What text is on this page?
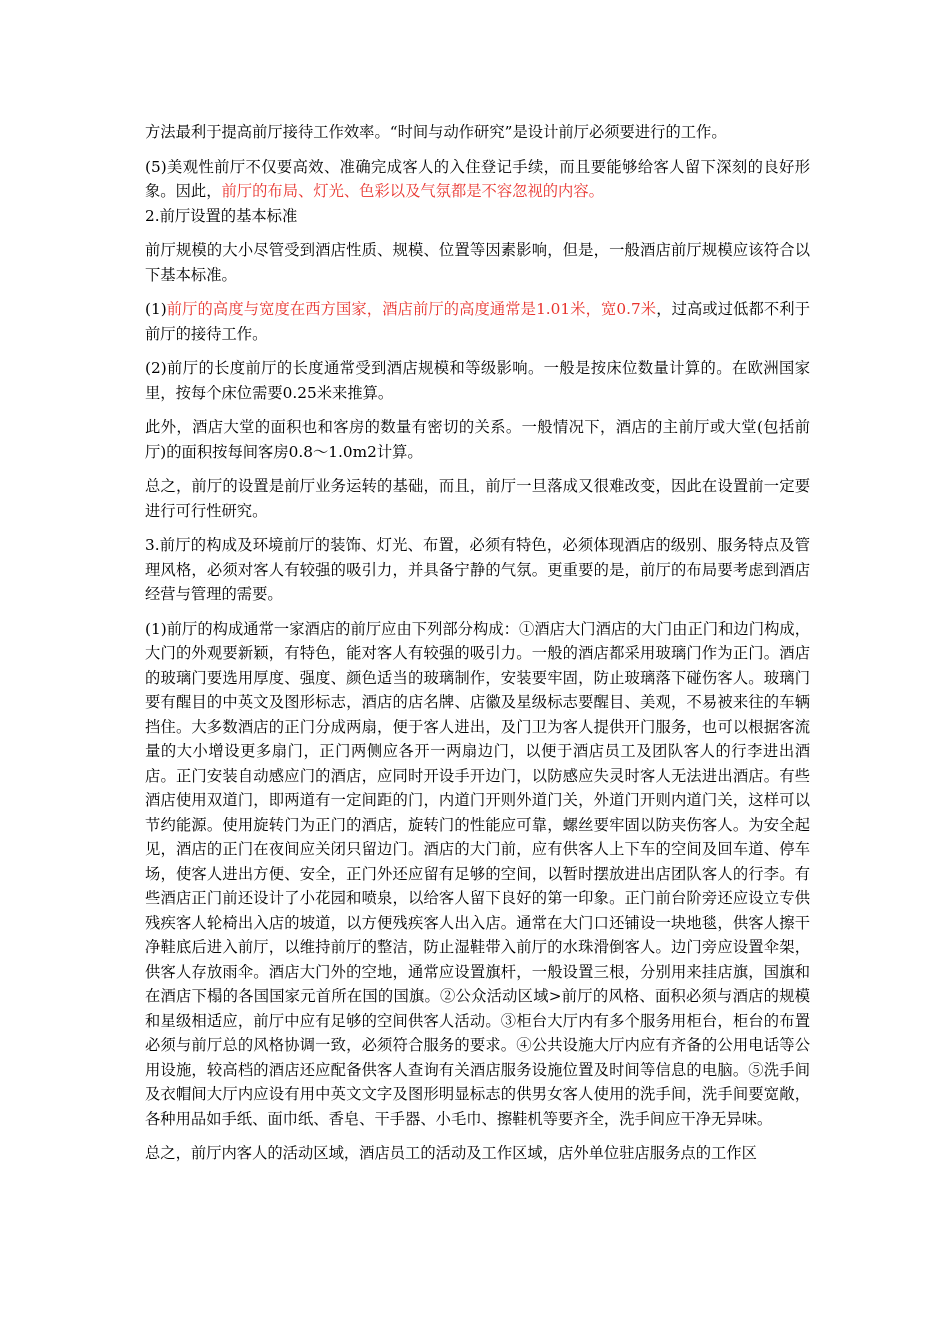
方法最利于提高前厅接待工作效率。“时间与动作研究”是设计前厅必须要进行的工作。

(5)美观性前厅不仅要高效、准确完成客人的入住登记手续，而且要能够给客人留下深刻的良好形象。因此，前厅的布局、灯光、色彩以及气氛都是不容忽视的内容。

2.前厅设置的基本标准

前厅规模的大小尽管受到酒店性质、规模、位置等因素影响，但是，一般酒店前厅规模应该符合以下基本标准。

(1)前厅的高度与宽度在西方国家，酒店前厅的高度通常是1.01米，宽0.7米，过高或过低都不利于前厅的接待工作。

(2)前厅的长度前厅的长度通常受到酒店规模和等级影响。一般是按床位数量计算的。在欧洲国家里，按每个床位需要0.25米来推算。

此外，酒店大堂的面积也和客房的数量有密切的关系。一般情况下，酒店的主前厅或大堂(包括前厅)的面积按每间客房0.8～1.0m2计算。

总之，前厅的设置是前厅业务运转的基础，而且，前厅一旦落成又很难改变，因此在设置前一定要进行可行性研究。

3.前厅的构成及环境前厅的装饰、灯光、布置，必须有特色，必须体现酒店的级别、服务特点及管理风格，必须对客人有较强的吸引力，并具备宁静的气氛。更重要的是，前厅的布局要考虑到酒店经营与管理的需要。

(1)前厅的构成通常一家酒店的前厅应由下列部分构成：①酒店大门酒店的大门由正门和边门构成，大门的外观要新颖，有特色，能对客人有较强的吸引力。一般的酒店都采用玻璃门作为正门。酒店的玻璃门要选用厚度、强度、颜色适当的玻璃制作，安装要牢固，防止玻璃落下碰伤客人。玻璃门要有醒目的中英文及图形标志，酒店的店名牌、店徽及星级标志要醒目、美观，不易被来往的车辆挡住。大多数酒店的正门分成两扇，便于客人进出，及门卫为客人提供开门服务，也可以根据客流量的大小增设更多扇门，正门两侧应各开一两扇边门，以便于酒店员工及团队客人的行李进出酒店。正门安装自动感应门的酒店，应同时开设手开边门，以防感应失灵时客人无法进出酒店。有些酒店使用双道门，即两道有一定间距的门，内道门开则外道门关，外道门开则内道门关，这样可以节约能源。使用旋转门为正门的酒店，旋转门的性能应可靠，螺丝要牢固以防夹伤客人。为安全起见，酒店的正门在夜间应关闭只留边门。酒店的大门前，应有供客人上下车的空间及回车道、停车场，使客人进出方便、安全，正门外还应留有足够的空间，以暂时摆放进出店团队客人的行李。有些酒店正门前还设计了小花园和喷泉，以给客人留下良好的第一印象。正门前台阶旁还应设立专供残疾客人轮椅出入店的坡道，以方便残疾客人出入店。通常在大门口还铺设一块地毯，供客人擦干净鞋底后进入前厅，以维持前厅的整洁，防止湿鞋带入前厅的水珠滑倒客人。边门旁应设置伞架，供客人存放雨伞。酒店大门外的空地，通常应设置旗杆，一般设置三根，分别用来挂店旗，国旗和在酒店下榻的各国国家元首所在国的国旗。②公众活动区域>前厅的风格、面积必须与酒店的规模和星级相适应，前厅中应有足够的空间供客人活动。③柜台大厅内有多个服务用柜台，柜台的布置必须与前厅总的风格协调一致，必须符合服务的要求。④公共设施大厅内应有齐备的公用电话等公用设施，较高档的酒店还应配备供客人查询有关酒店服务设施位置及时间等信息的电脑。⑤洗手间及衣帽间大厅内应设有用中英文文字及图形明显标志的供男女客人使用的洗手间，洗手间要宽敞，各种用品如手纸、面巾纸、香皂、干手器、小毛巾、擦鞋机等要齐全，洗手间应干净无异味。

总之，前厅内客人的活动区域，酒店员工的活动及工作区域，店外单位驻店服务点的工作区
